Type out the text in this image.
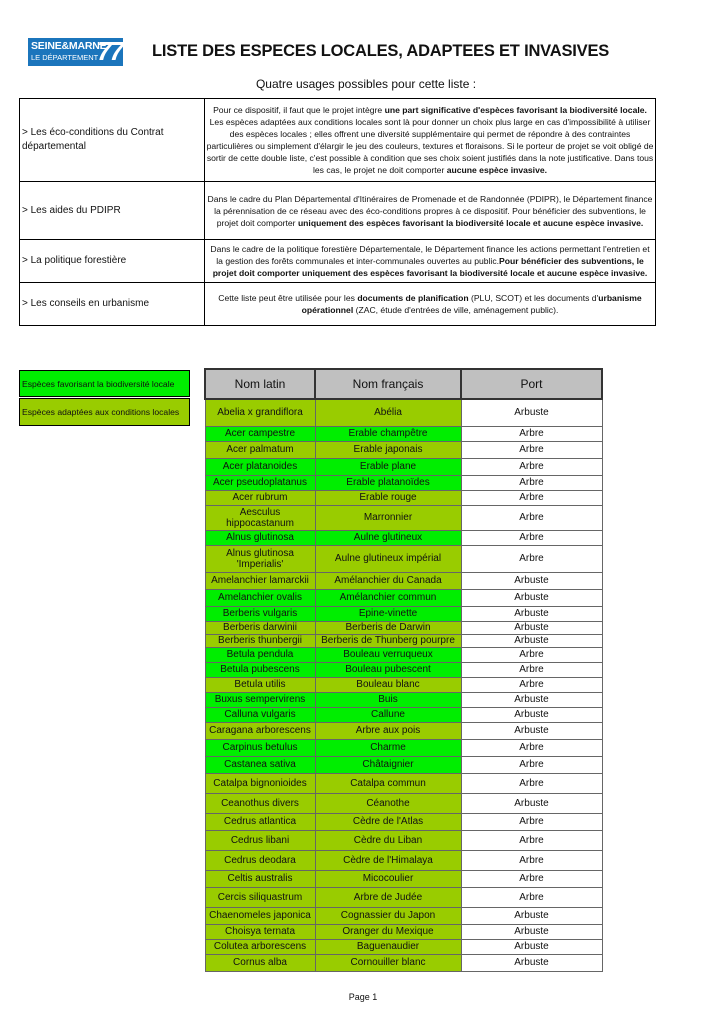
SEINE&MARNE
LE DÉPARTEMENT
77 LISTE DES ESPECES LOCALES, ADAPTEES ET INVASIVES
Quatre usages possibles pour cette liste :
> Les éco-conditions du Contrat départemental	Pour ce dispositif, il faut que le projet intègre une part significative d'espèces favorisant la biodiversité locale. Les espèces adaptées aux conditions locales sont là pour donner un choix plus large en cas d'impossibilité à utiliser des espèces locales ; elles offrent une diversité supplémentaire qui permet de répondre à des contraintes particulières ou simplement d'élargir le jeu des couleurs, textures et floraisons. Si le porteur de projet se voit obligé de sortir de cette double liste, c'est possible à condition que ses choix soient justifiés dans la note justificative. Dans tous les cas, le projet ne doit comporter aucune espèce invasive.
> Les aides du PDIPR	Dans le cadre du Plan Départemental d'Itinéraires de Promenade et de Randonnée (PDIPR), le Département finance la pérennisation de ce réseau avec des éco-conditions propres à ce dispositif. Pour bénéficier des subventions, le projet doit comporter uniquement des espèces favorisant la biodiversité locale et aucune espèce invasive.
> La politique forestière	Dans le cadre de la politique forestière Départementale, le Département finance les actions permettant l'entretien et la gestion des forêts communales et inter-communales ouvertes au public.Pour bénéficier des subventions, le projet doit comporter uniquement des espèces favorisant la biodiversité locale et aucune espèce invasive.
> Les conseils en urbanisme	Cette liste peut être utilisée pour les documents de planification (PLU, SCOT) et les documents d'urbanisme opérationnel (ZAC, étude d'entrées de ville, aménagement public).
Espèces favorisant la biodiversité locale
Espèces adaptées aux conditions locales
Nom latin	Nom français	Port
Abelia x grandiflora	Abélia	Arbuste
Acer campestre	Erable champêtre	Arbre
Acer palmatum	Erable japonais	Arbre
Acer platanoides	Erable plane	Arbre
Acer pseudoplatanus	Erable platanoïdes	Arbre
Acer rubrum	Erable rouge	Arbre
Aesculus hippocastanum	Marronnier	Arbre
Alnus glutinosa	Aulne glutineux	Arbre
Alnus glutinosa 'Imperialis'	Aulne glutineux impérial	Arbre
Amelanchier lamarckii	Amélanchier du Canada	Arbuste
Amelanchier ovalis	Amélanchier commun	Arbuste
Berberis vulgaris	Epine-vinette	Arbuste
Berberis darwinii	Berberis de Darwin	Arbuste
Berberis thunbergii	Berberis de Thunberg pourpre	Arbuste
Betula pendula	Bouleau verruqueux	Arbre
Betula pubescens	Bouleau pubescent	Arbre
Betula utilis	Bouleau blanc	Arbre
Buxus sempervirens	Buis	Arbuste
Calluna vulgaris	Callune	Arbuste
Caragana arborescens	Arbre aux pois	Arbuste
Carpinus betulus	Charme	Arbre
Castanea sativa	Châtaignier	Arbre
Catalpa bignonioides	Catalpa commun	Arbre
Ceanothus divers	Céanothe	Arbuste
Cedrus atlantica	Cèdre de l'Atlas	Arbre
Cedrus libani	Cèdre du Liban	Arbre
Cedrus deodara	Cèdre de l'Himalaya	Arbre
Celtis australis	Micocoulier	Arbre
Cercis siliquastrum	Arbre de Judée	Arbre
Chaenomeles japonica	Cognassier du Japon	Arbuste
Choisya ternata	Oranger du Mexique	Arbuste
Colutea arborescens	Baguenaudier	Arbuste
Cornus alba	Cornouiller blanc	Arbuste
Page 1
